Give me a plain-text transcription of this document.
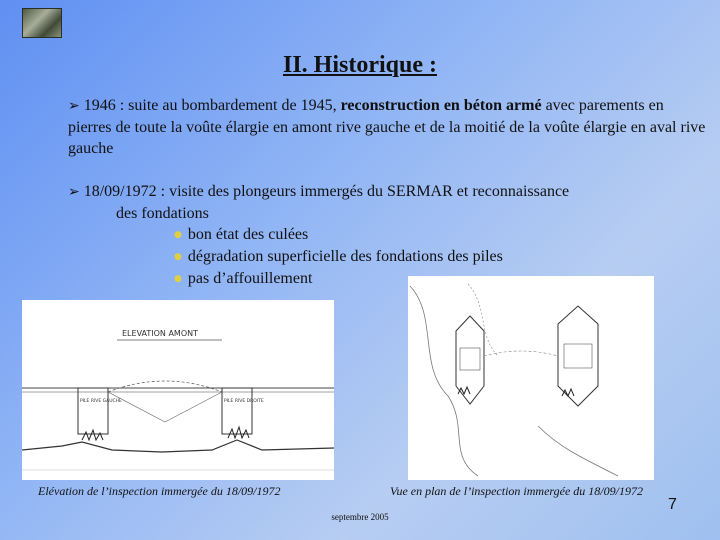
II. Historique :
➢ 1946 : suite au bombardement de 1945, reconstruction en béton armé avec parements en pierres de toute la voûte élargie en amont rive gauche et de la moitié de la voûte élargie en aval rive gauche
➢ 18/09/1972 : visite des plongeurs immergés du SERMAR et reconnaissance
des fondations
● bon état des culées
● dégradation superficielle des fondations des piles
● pas d’affouillement
ELEVATION AMONT
PILE RIVE GAUCHE	PILE RIVE DROITE
Elévation de l’inspection immergée du 18/09/1972	Vue en plan de l’inspection immergée du 18/09/1972
7
septembre 2005
